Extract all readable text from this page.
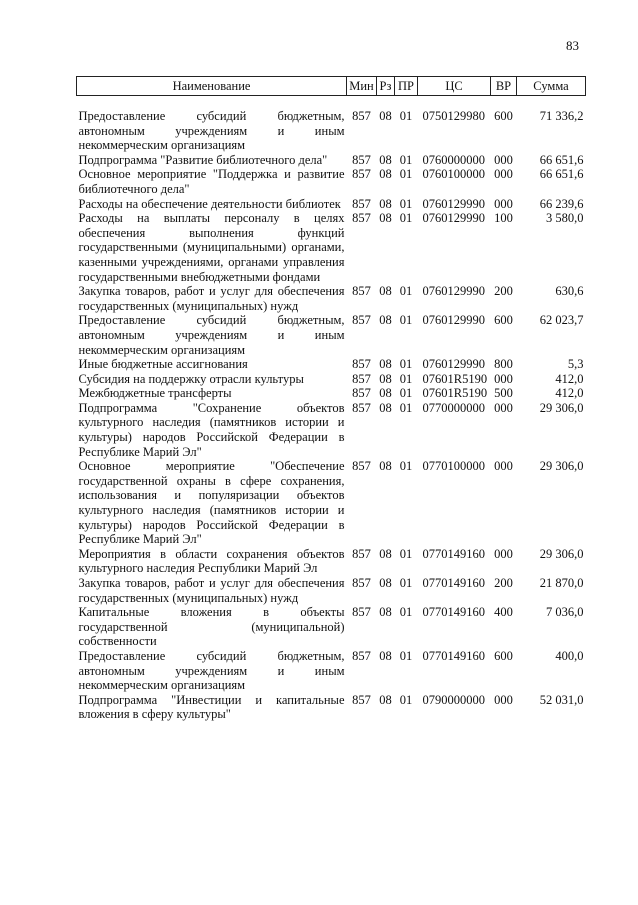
83
Наименование	Мин	Рз	ПР	ЦС	ВР	Сумма
Предоставление субсидий бюджетным, автономным учреждениям и иным некоммерческим организациям	857	08	01	0750129980	600	71 336,2
Подпрограмма "Развитие библиотечного дела"	857	08	01	0760000000	000	66 651,6
Основное мероприятие "Поддержка и развитие библиотечного дела"	857	08	01	0760100000	000	66 651,6
Расходы на обеспечение деятельности библиотек	857	08	01	0760129990	000	66 239,6
Расходы на выплаты персоналу в целях обеспечения выполнения функций государственными (муниципальными) органами, казенными учреждениями, органами управления государственными внебюджетными фондами	857	08	01	0760129990	100	3 580,0
Закупка товаров, работ и услуг для обеспечения государственных (муниципальных) нужд	857	08	01	0760129990	200	630,6
Предоставление субсидий бюджетным, автономным учреждениям и иным некоммерческим организациям	857	08	01	0760129990	600	62 023,7
Иные бюджетные ассигнования	857	08	01	0760129990	800	5,3
Субсидия на поддержку отрасли культуры	857	08	01	07601R5190	000	412,0
Межбюджетные трансферты	857	08	01	07601R5190	500	412,0
Подпрограмма "Сохранение объектов культурного наследия (памятников истории и культуры) народов Российской Федерации в Республике Марий Эл"	857	08	01	0770000000	000	29 306,0
Основное мероприятие "Обеспечение государственной охраны в сфере сохранения, использования и популяризации объектов культурного наследия (памятников истории и культуры) народов Российской Федерации в Республике Марий Эл"	857	08	01	0770100000	000	29 306,0
Мероприятия в области сохранения объектов культурного наследия Республики Марий Эл	857	08	01	0770149160	000	29 306,0
Закупка товаров, работ и услуг для обеспечения государственных (муниципальных) нужд	857	08	01	0770149160	200	21 870,0
Капитальные вложения в объекты государственной (муниципальной) собственности	857	08	01	0770149160	400	7 036,0
Предоставление субсидий бюджетным, автономным учреждениям и иным некоммерческим организациям	857	08	01	0770149160	600	400,0
Подпрограмма "Инвестиции и капитальные вложения в сферу культуры"	857	08	01	0790000000	000	52 031,0
